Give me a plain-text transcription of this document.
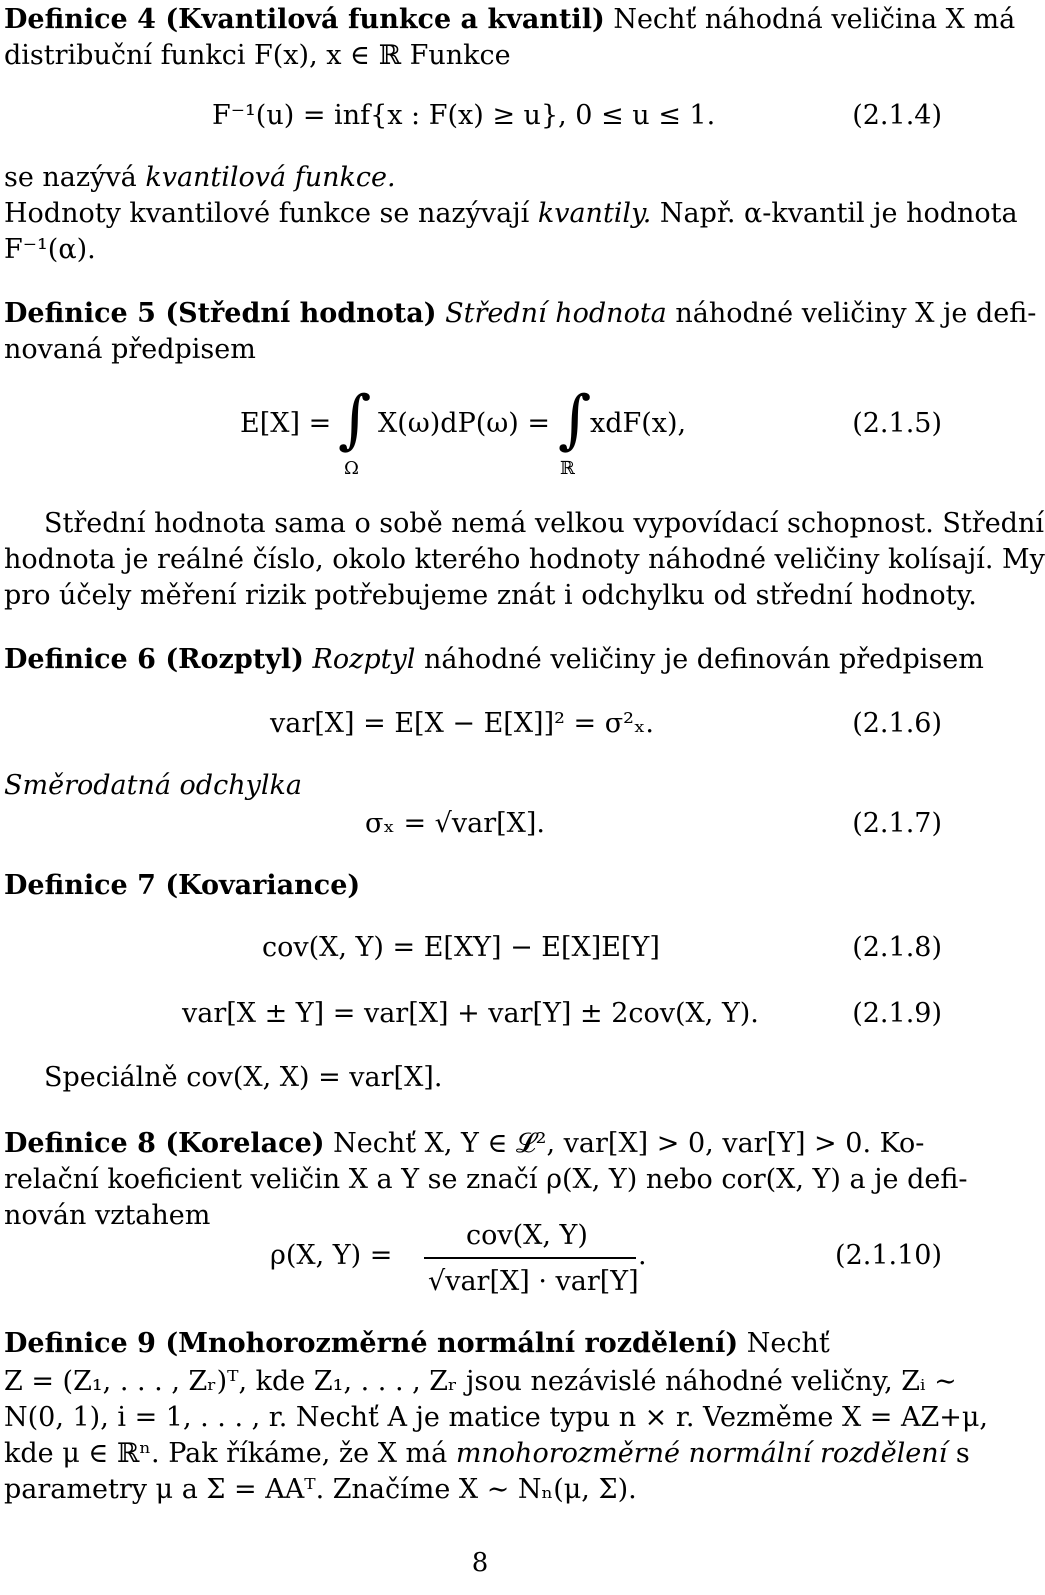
Definice 4 (Kvantilová funkce a kvantil) Nechť náhodná veličina X má
distribuční funkci F(x), x ∈ ℝ Funkce
F⁻¹(u) = inf{x : F(x) ≥ u}, 0 ≤ u ≤ 1.	(2.1.4)
se nazývá kvantilová funkce.
Hodnoty kvantilové funkce se nazývají kvantily. Např. α-kvantil je hodnota
F⁻¹(α).
Definice 5 (Střední hodnota) Střední hodnota náhodné veličiny X je defi-
novaná předpisem
E[X] = ∫
Ω
X(ω)dP(ω) = ∫
ℝ
xdF(x),	(2.1.5)
Střední hodnota sama o sobě nemá velkou vypovídací schopnost. Střední
hodnota je reálné číslo, okolo kterého hodnoty náhodné veličiny kolísají. My
pro účely měření rizik potřebujeme znát i odchylku od střední hodnoty.
Definice 6 (Rozptyl) Rozptyl náhodné veličiny je definován předpisem
var[X] = E[X − E[X]]² = σ²ₓ.	(2.1.6)
Směrodatná odchylka
σₓ = √var[X].	(2.1.7)
Definice 7 (Kovariance)
cov(X, Y) = E[XY] − E[X]E[Y]	(2.1.8)
var[X ± Y] = var[X] + var[Y] ± 2cov(X, Y).	(2.1.9)
Speciálně cov(X, X) = var[X].
Definice 8 (Korelace) Nechť X, Y ∈ 𝓛², var[X] > 0, var[Y] > 0. Ko-
relační koeficient veličin X a Y se značí ρ(X, Y) nebo cor(X, Y) a je defi-
nován vztahem
ρ(X, Y) =
cov(X, Y)
√var[X] · var[Y]
.	(2.1.10)
Definice 9 (Mnohorozměrné normální rozdělení) Nechť
Z = (Z₁, . . . , Zᵣ)ᵀ, kde Z₁, . . . , Zᵣ jsou nezávislé náhodné veličny, Zᵢ ∼
N(0, 1), i = 1, . . . , r. Nechť A je matice typu n × r. Vezměme X = AZ+μ,
kde μ ∈ ℝⁿ. Pak říkáme, že X má mnohorozměrné normální rozdělení s
parametry μ a Σ = AAᵀ. Značíme X ∼ Nₙ(μ, Σ).
8
